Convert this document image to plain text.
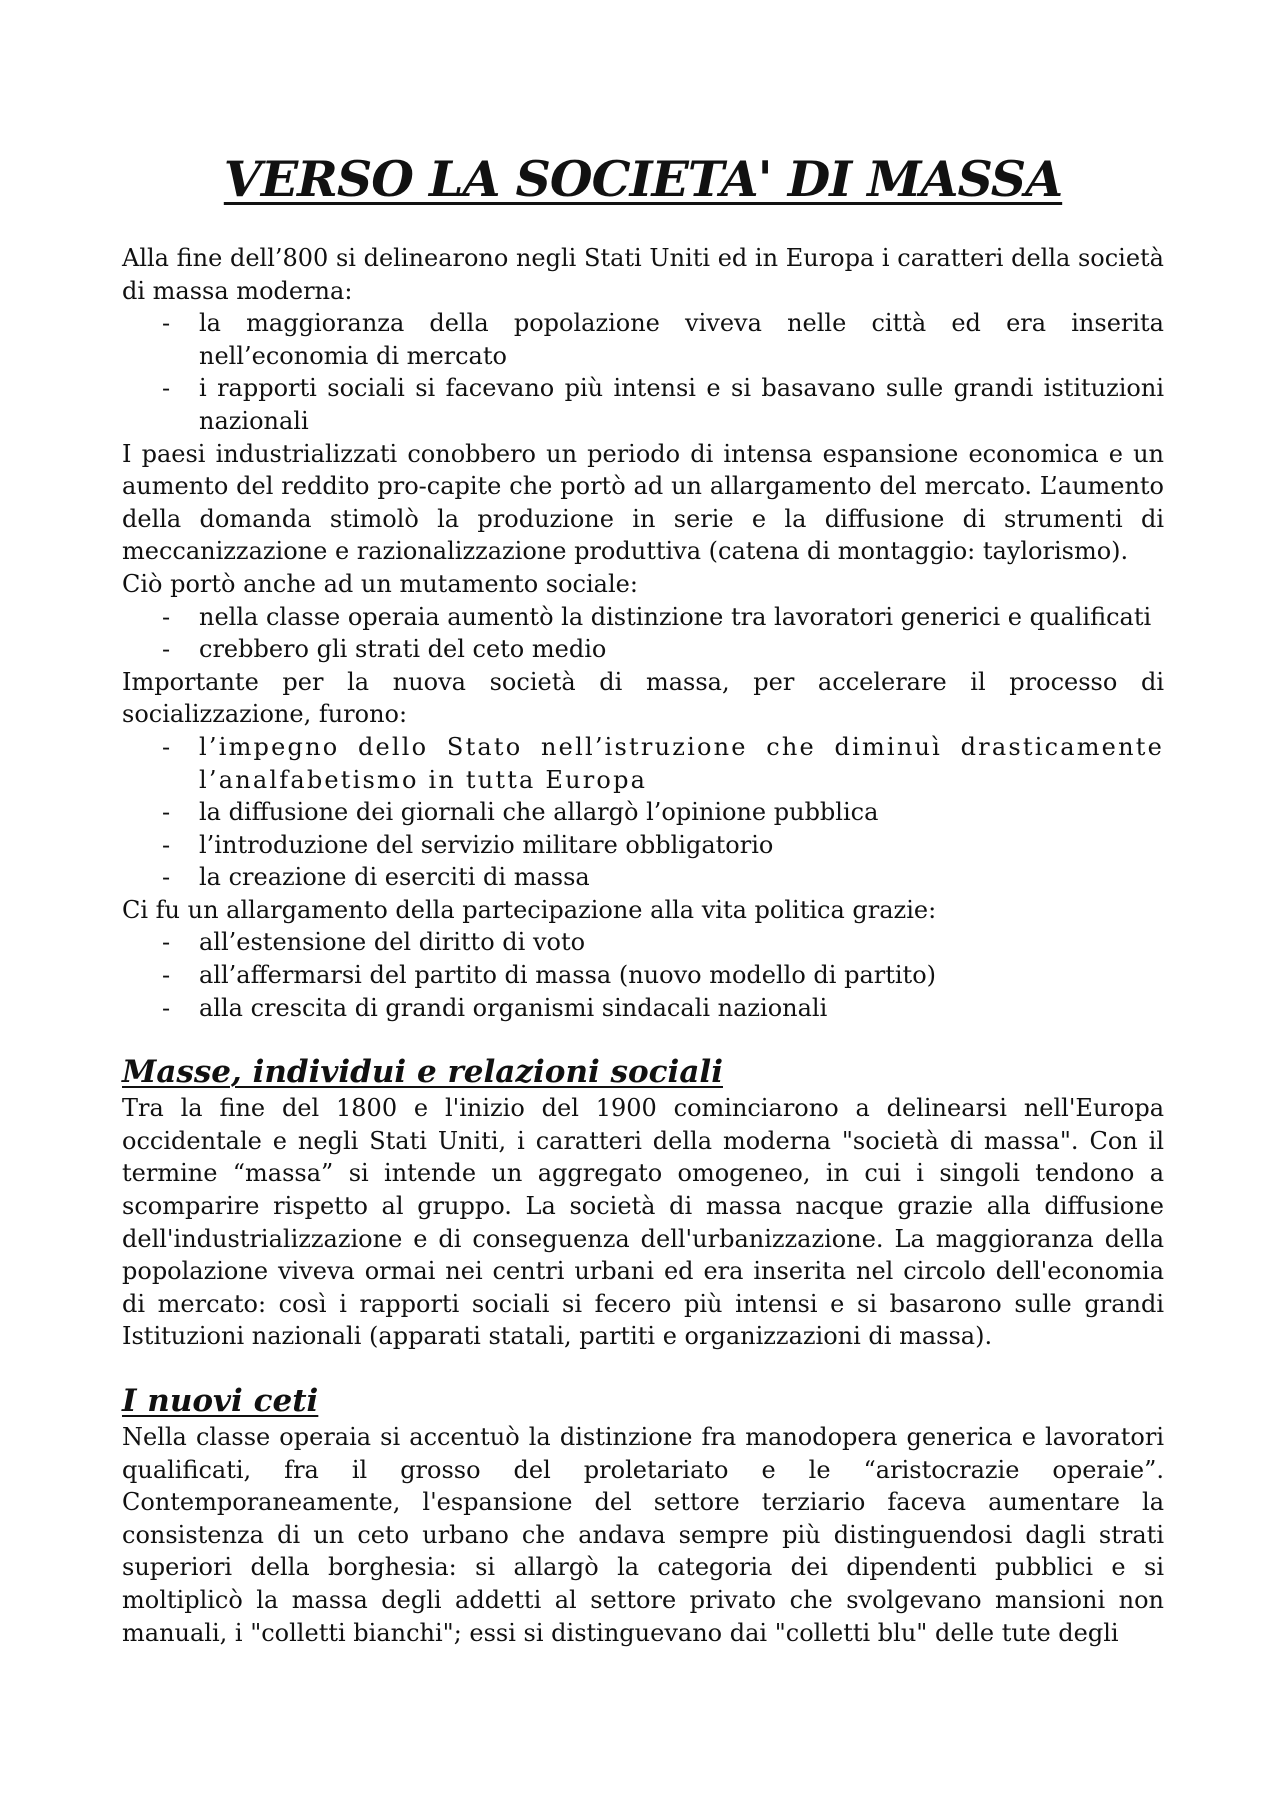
VERSO LA SOCIETA' DI MASSA

Alla fine dell’800 si delinearono negli Stati Uniti ed in Europa i caratteri della società di massa moderna:

- la maggioranza della popolazione viveva nelle città ed era inserita nell’economia di mercato
- i rapporti sociali si facevano più intensi e si basavano sulle grandi istituzioni nazionali

I paesi industrializzati conobbero un periodo di intensa espansione economica e un aumento del reddito pro-capite che portò ad un allargamento del mercato. L’aumento della domanda stimolò la produzione in serie e la diffusione di strumenti di meccanizzazione e razionalizzazione produttiva (catena di montaggio: taylorismo).

Ciò portò anche ad un mutamento sociale:

- nella classe operaia aumentò la distinzione tra lavoratori generici e qualificati
- crebbero gli strati del ceto medio

Importante per la nuova società di massa, per accelerare il processo di socializzazione, furono:

- l’impegno dello Stato nell’istruzione che diminuì drasticamente l’analfabetismo in tutta Europa
- la diffusione dei giornali che allargò l’opinione pubblica
- l’introduzione del servizio militare obbligatorio
- la creazione di eserciti di massa

Ci fu un allargamento della partecipazione alla vita politica grazie:

- all’estensione del diritto di voto
- all’affermarsi del partito di massa (nuovo modello di partito)
- alla crescita di grandi organismi sindacali nazionali
Masse, individui e relazioni sociali

Tra la fine del 1800 e l'inizio del 1900 cominciarono a delinearsi nell'Europa occidentale e negli Stati Uniti, i caratteri della moderna "società di massa". Con il termine “massa” si intende un aggregato omogeneo, in cui i singoli tendono a scomparire rispetto al gruppo. La società di massa nacque grazie alla diffusione dell'industrializzazione e di conseguenza dell'urbanizzazione. La maggioranza della popolazione viveva ormai nei centri urbani ed era inserita nel circolo dell'economia di mercato: così i rapporti sociali si fecero più intensi e si basarono sulle grandi Istituzioni nazionali (apparati statali, partiti e organizzazioni di massa).

I nuovi ceti

Nella classe operaia si accentuò la distinzione fra manodopera generica e lavoratori qualificati, fra il grosso del proletariato e le “aristocrazie operaie”. Contemporaneamente, l'espansione del settore terziario faceva aumentare la consistenza di un ceto urbano che andava sempre più distinguendosi dagli strati superiori della borghesia: si allargò la categoria dei dipendenti pubblici e si moltiplicò la massa degli addetti al settore privato che svolgevano mansioni non manuali, i "colletti bianchi"; essi si distinguevano dai "colletti blu" delle tute degli
